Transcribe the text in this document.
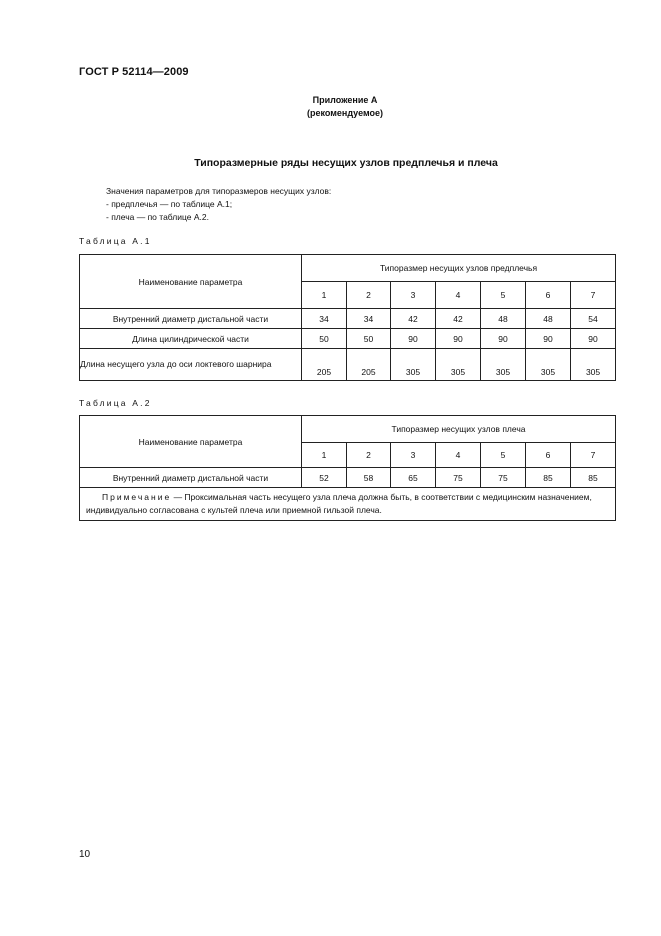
ГОСТ Р 52114—2009
Приложение А
(рекомендуемое)
Типоразмерные ряды несущих узлов предплечья и плеча
Значения параметров для типоразмеров несущих узлов:
- предплечья — по таблице А.1;
- плеча — по таблице А.2.
Таблица А.1
Наименование параметра	Типоразмер несущих узлов предплечья						
	1	2	3	4	5	6	7
Внутренний диаметр дистальной части	34	34	42	42	48	48	54
Длина цилиндрической части	50	50	90	90	90	90	90
Длина несущего узла до оси локтевого шарнира	205	205	305	305	305	305	305
Таблица А.2
Наименование параметра	Типоразмер несущих узлов плеча						
	1	2	3	4	5	6	7
Внутренний диаметр дистальной части	52	58	65	75	75	85	85
Примечание — Проксимальная часть несущего узла плеча должна быть, в соответствии с медицинским назначением, индивидуально согласована с культей плеча или приемной гильзой плеча.							
10
